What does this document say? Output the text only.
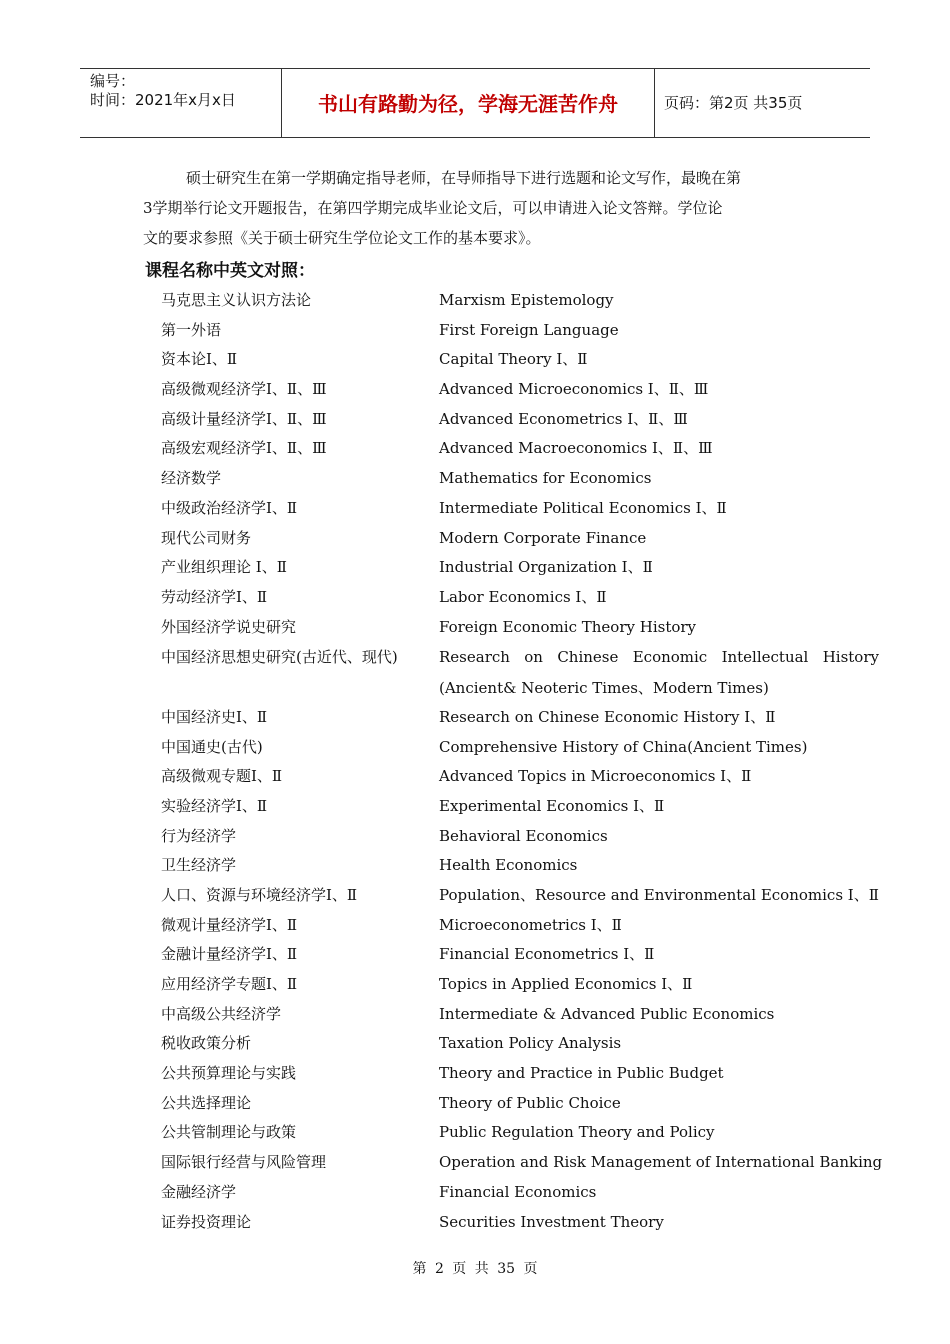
编号：
时间：2021年x月x日	书山有路勤为径，学海无涯苦作舟	页码：第2页 共35页
硕士研究生在第一学期确定指导老师，在导师指导下进行选题和论文写作，最晚在第
3学期举行论文开题报告，在第四学期完成毕业论文后，可以申请进入论文答辩。学位论
文的要求参照《关于硕士研究生学位论文工作的基本要求》。
课程名称中英文对照：
马克思主义认识方法论	Marxism Epistemology
第一外语	First Foreign Language
资本论Ⅰ、Ⅱ	Capital Theory Ⅰ、Ⅱ
高级微观经济学Ⅰ、Ⅱ、Ⅲ	Advanced Microeconomics Ⅰ、Ⅱ、Ⅲ
高级计量经济学Ⅰ、Ⅱ、Ⅲ	Advanced Econometrics Ⅰ、Ⅱ、Ⅲ
高级宏观经济学Ⅰ、Ⅱ、Ⅲ	Advanced Macroeconomics Ⅰ、Ⅱ、Ⅲ
经济数学	Mathematics for Economics
中级政治经济学Ⅰ、Ⅱ	Intermediate Political Economics Ⅰ、Ⅱ
现代公司财务	Modern Corporate Finance
产业组织理论 Ⅰ、Ⅱ	Industrial Organization Ⅰ、Ⅱ
劳动经济学Ⅰ、Ⅱ	Labor Economics Ⅰ、Ⅱ
外国经济学说史研究	Foreign Economic Theory History
中国经济思想史研究(古近代、现代)	Research on Chinese Economic Intellectual History (Ancient& Neoteric Times、Modern Times)
中国经济史Ⅰ、Ⅱ	Research on Chinese Economic History Ⅰ、Ⅱ
中国通史(古代)	Comprehensive History of China(Ancient Times)
高级微观专题Ⅰ、Ⅱ	Advanced Topics in Microeconomics Ⅰ、Ⅱ
实验经济学Ⅰ、Ⅱ	Experimental Economics Ⅰ、Ⅱ
行为经济学	Behavioral Economics
卫生经济学	Health Economics
人口、资源与环境经济学Ⅰ、Ⅱ	Population、Resource and Environmental Economics Ⅰ、Ⅱ
微观计量经济学Ⅰ、Ⅱ	Microeconometrics Ⅰ、Ⅱ
金融计量经济学Ⅰ、Ⅱ	Financial Econometrics Ⅰ、Ⅱ
应用经济学专题Ⅰ、Ⅱ	Topics in Applied Economics Ⅰ、Ⅱ
中高级公共经济学	Intermediate & Advanced Public Economics
税收政策分析	Taxation Policy Analysis
公共预算理论与实践	Theory and Practice in Public Budget
公共选择理论	Theory of Public Choice
公共管制理论与政策	Public Regulation Theory and Policy
国际银行经营与风险管理	Operation and Risk Management of International Banking
金融经济学	Financial Economics
证券投资理论	Securities Investment Theory
第 2 页 共 35 页
